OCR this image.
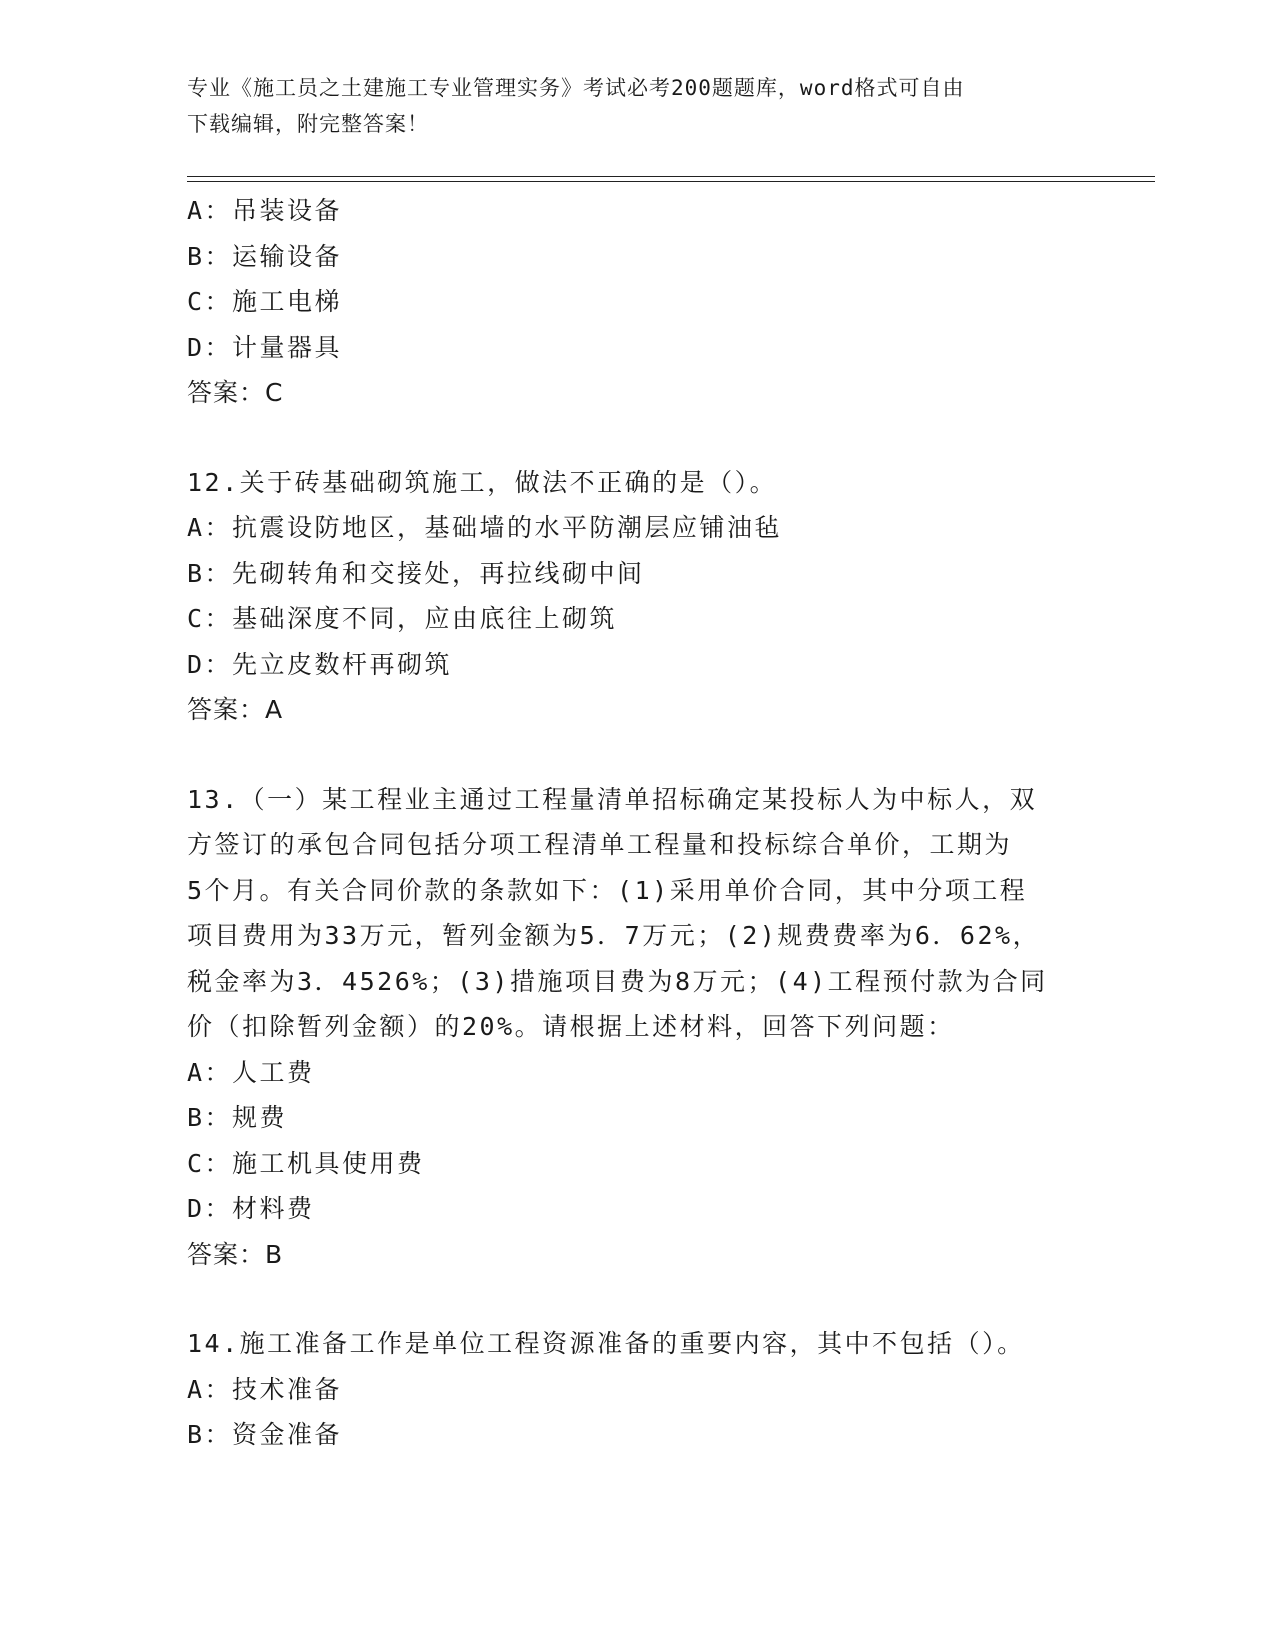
专业《施工员之土建施工专业管理实务》考试必考200题题库，word格式可自由
下载编辑，附完整答案！
A：吊装设备
B：运输设备
C：施工电梯
D：计量器具
答案：C
12.关于砖基础砌筑施工，做法不正确的是（）。
A：抗震设防地区，基础墙的水平防潮层应铺油毡
B：先砌转角和交接处，再拉线砌中间
C：基础深度不同，应由底往上砌筑
D：先立皮数杆再砌筑
答案：A
13.（一）某工程业主通过工程量清单招标确定某投标人为中标人，双
方签订的承包合同包括分项工程清单工程量和投标综合单价，工期为
5个月。有关合同价款的条款如下：(1)采用单价合同，其中分项工程
项目费用为33万元，暂列金额为5．7万元；(2)规费费率为6．62%，
税金率为3．4526%；(3)措施项目费为8万元；(4)工程预付款为合同
价（扣除暂列金额）的20%。请根据上述材料，回答下列问题：
A：人工费
B：规费
C：施工机具使用费
D：材料费
答案：B
14.施工准备工作是单位工程资源准备的重要内容，其中不包括（）。
A：技术准备
B：资金准备
